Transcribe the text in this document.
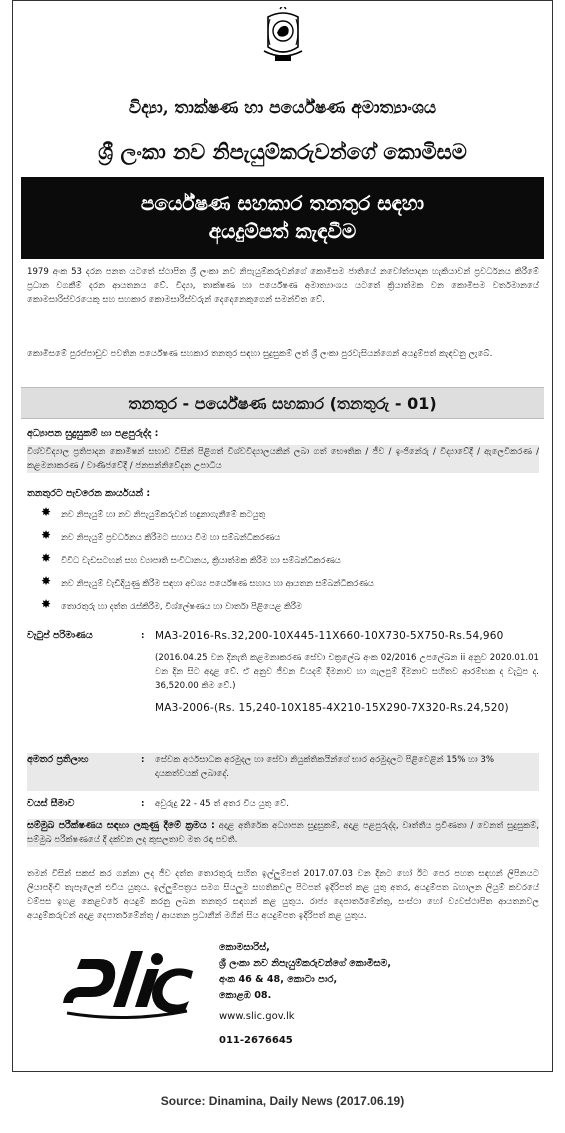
විද්‍යා, තාක්ෂණ හා පර්යේෂණ අමාත්‍යාංශය
ශ්‍රී ලංකා නව නිපැයුම්කරුවන්ගේ කොමිසම
පර්යේෂණ සහකාර තනතුර සඳහා
අයදුම්පත් කැඳවීම
1979 අංක 53 දරන පනත යටතේ ස්ථාපිත ශ්‍රී ලංකා නව නිපැයුම්කරුවන්ගේ කොමිසම ජාතියේ නවෝත්පාදන හැකියාවන් ප්‍රවර්ධනය කිරීමේ ප්‍රධාන වගකීම් දරන ආයතනය වේ. විද්‍යා, තාක්ෂණ හා පර්යේෂණ අමාත්‍යාංශය යටතේ ක්‍රියාත්මක වන කොමිසම වර්තමානයේ කොමසාරිස්වරයෙකු සහ සහකාර කොමසාරිස්වරුන් දෙදෙනෙකුගෙන් සමන්විත වේ.
කොමිසමේ පුරප්පාඩුව පවතින පර්යේෂණ සහකාර තනතුර සඳහා සුදුසුකම් ලත් ශ්‍රී ලංකා පුරවැසියන්ගෙන් අයදුම්පත් කැඳවනු ලැබේ.
තනතුර - පර්යේෂණ සහකාර (තනතුරු - 01)
අධ්‍යාපන සුදුසුකම් හා පළපුරුද්ද :
විශ්වවිද්‍යාල ප්‍රතිපාදන කොමිෂන් සභාව විසින් පිළිගත් විශ්වවිද්‍යාලයකින් ලබා ගත් භෞතික / ජීව / ඉංජිනේරු / විද්‍යාවේදී / ඇලෙවිකරණ / කළමනාකරණ / වාණිජවේදී / ජනසන්නිවේදන උපාධිය
තනතුරට පැවරෙන කාර්යයන් :
✸ නව නිපැයුම් හා නව නිපැයුම්කරුවන් හඳුනාගැනීමේ කටයුතු
✸ නව නිපැයුම් ප්‍රවර්ධනය කිරීමට සහාය වීම හා සම්බන්ධීකරණය
✸ විවිධ වැඩසටහන් සහ ව්‍යාපෘති සංවිධානය, ක්‍රියාත්මක කිරීම හා සම්බන්ධීකරණය
✸ නව නිපැයුම් වැඩිදියුණු කිරීම සඳහා අවශ්‍ය පර්යේෂණ සහාය හා ආයතන සම්බන්ධීකරණය
✸ තොරතුරු හා දත්ත රැස්කිරීම, විශ්ලේෂණය හා වාර්තා පිළියෙළ කිරීම
වැටුප් පරිමාණය	: MA3-2016-Rs.32,200-10X445-11X660-10X730-5X750-Rs.54,960
(2016.04.25 වන දිනැති කළමනාකරණ සේවා චක්‍රලේඛ අංක 02/2016 උපලේඛන ii අනුව 2020.01.01 වන දින සිට අදාළ වේ. ඒ අනුව ජීවන වියදම් දීමනාව හා ගැලපුම් දීමනාව සහිතව ආරම්භක ද වැටුප ද. 36,520.00 කිම වේ.)
MA3-2006-(Rs. 15,240-10X185-4X210-15X290-7X320-Rs.24,520)
අමතර ප්‍රතිලාභ	: සේවක අර්ථසාධක අරමුදල හා සේවා නියුක්තිකයින්ගේ භාර අරමුදලට පිළිවෙළින් 15% හා 3% දායකත්වයක් ලබාදේ.
වයස් සීමාව	: අවුරුදු 22 - 45 ත් අතර විය යුතු වේ.
සම්මුඛ පරීක්ෂණය සඳහා ලකුණු දීමේ ක්‍රමය : අදාළ අතිරේක අධ්‍යාපන සුදුසුකම්, අදාළ පළපුරුද්ද, වෘත්තීය ප්‍රවීණතා / වෙනත් සුදුසුකම්, සම්මුඛ පරීක්ෂණයේ දී දක්වන ලද කුසලතාව මත රඳා පවතී.
තමන් විසින් සකස් කර ගන්නා ලද ජීව දත්ත තොරතුරු සහිත ඉල්ලුම්පත් 2017.07.03 වන දිනට හෝ ඊට පෙර පහත සඳහන් ලිපිනයට ලියාපදිංචි තැපෑලෙන් එවිය යුතුය. ඉල්ලුම්පත්‍රය සමග සියලුම සහතිකවල පිටපත් ඉදිරිපත් කළ යුතු අතර, අයදුම්පත බහාලන ලියුම් කවරයේ වම්පස ඉහළ කෙළවරේ අයදුම් කරනු ලබන තනතුර සඳහන් කළ යුතුය. රාජ්‍ය දෙපාර්තමේන්තු, සංස්ථා හෝ ව්‍යවස්ථාපිත ආයතනවල අයදුම්කරුවන් අදාළ දෙපාර්තමේන්තු / ආයතන ප්‍රධානීන් මගින් සිය අයදුම්පත ඉදිරිපත් කළ යුතුය.
කොමසාරිස්,
ශ්‍රී ලංකා නව නිපැයුම්කරුවන්ගේ කොමිසම,
අංක 46 & 48, කොටා පාර,
කොළඹ 08.
www.slic.gov.lk
011-2676645
Source: Dinamina, Daily News (2017.06.19)
